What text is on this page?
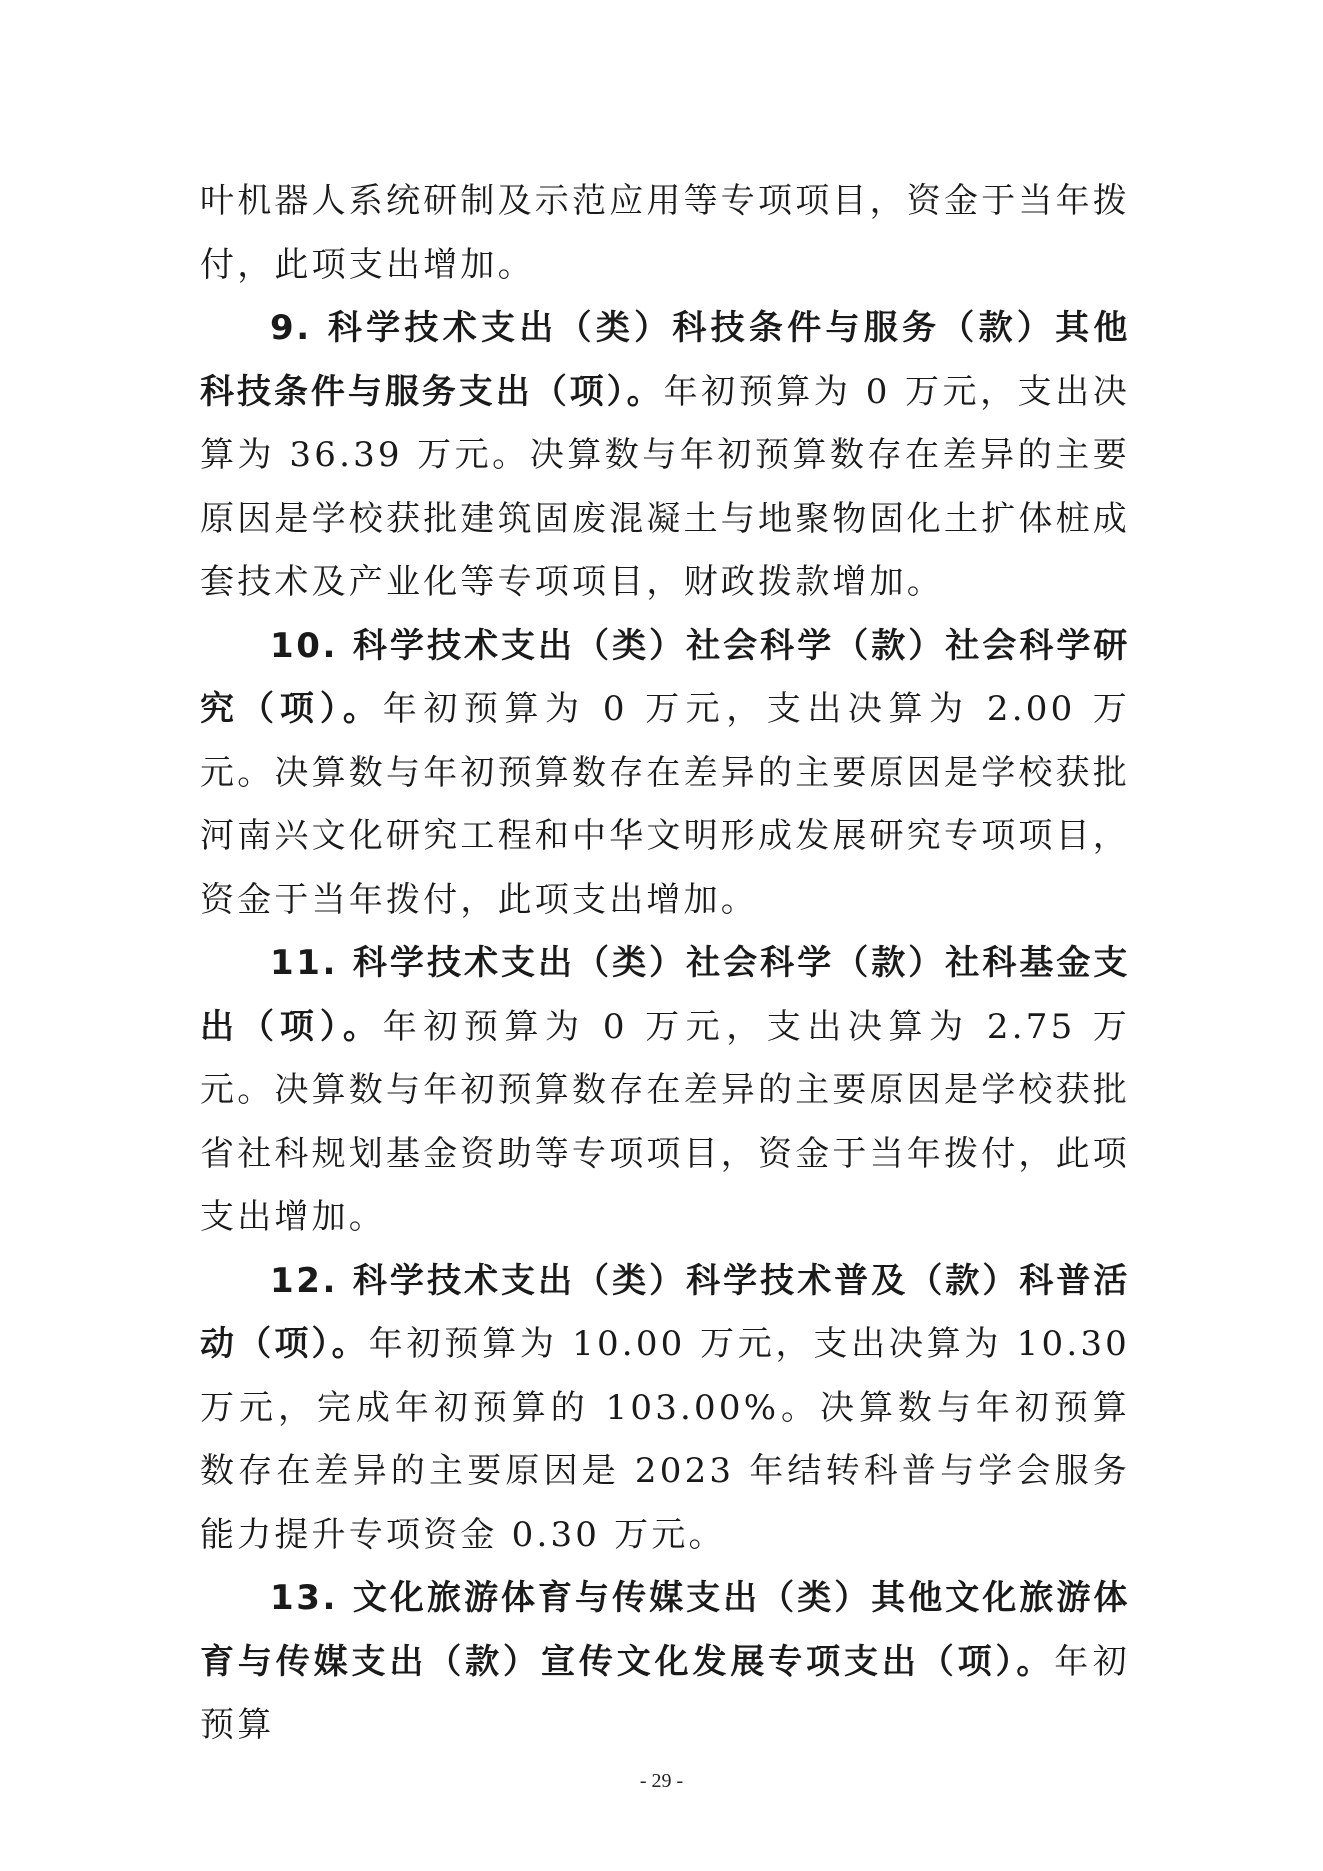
叶机器人系统研制及示范应用等专项项目，资金于当年拨付，此项支出增加。

9. 科学技术支出（类）科技条件与服务（款）其他科技条件与服务支出（项）。年初预算为 0 万元，支出决算为 36.39 万元。决算数与年初预算数存在差异的主要原因是学校获批建筑固废混凝土与地聚物固化土扩体桩成套技术及产业化等专项项目，财政拨款增加。

10. 科学技术支出（类）社会科学（款）社会科学研究（项）。年初预算为 0 万元，支出决算为 2.00 万元。决算数与年初预算数存在差异的主要原因是学校获批河南兴文化研究工程和中华文明形成发展研究专项项目，资金于当年拨付，此项支出增加。

11. 科学技术支出（类）社会科学（款）社科基金支出（项）。年初预算为 0 万元，支出决算为 2.75 万元。决算数与年初预算数存在差异的主要原因是学校获批省社科规划基金资助等专项项目，资金于当年拨付，此项支出增加。

12. 科学技术支出（类）科学技术普及（款）科普活动（项）。年初预算为 10.00 万元，支出决算为 10.30 万元，完成年初预算的 103.00%。决算数与年初预算数存在差异的主要原因是 2023 年结转科普与学会服务能力提升专项资金 0.30 万元。

13. 文化旅游体育与传媒支出（类）其他文化旅游体育与传媒支出（款）宣传文化发展专项支出（项）。年初预算

- 29 -
